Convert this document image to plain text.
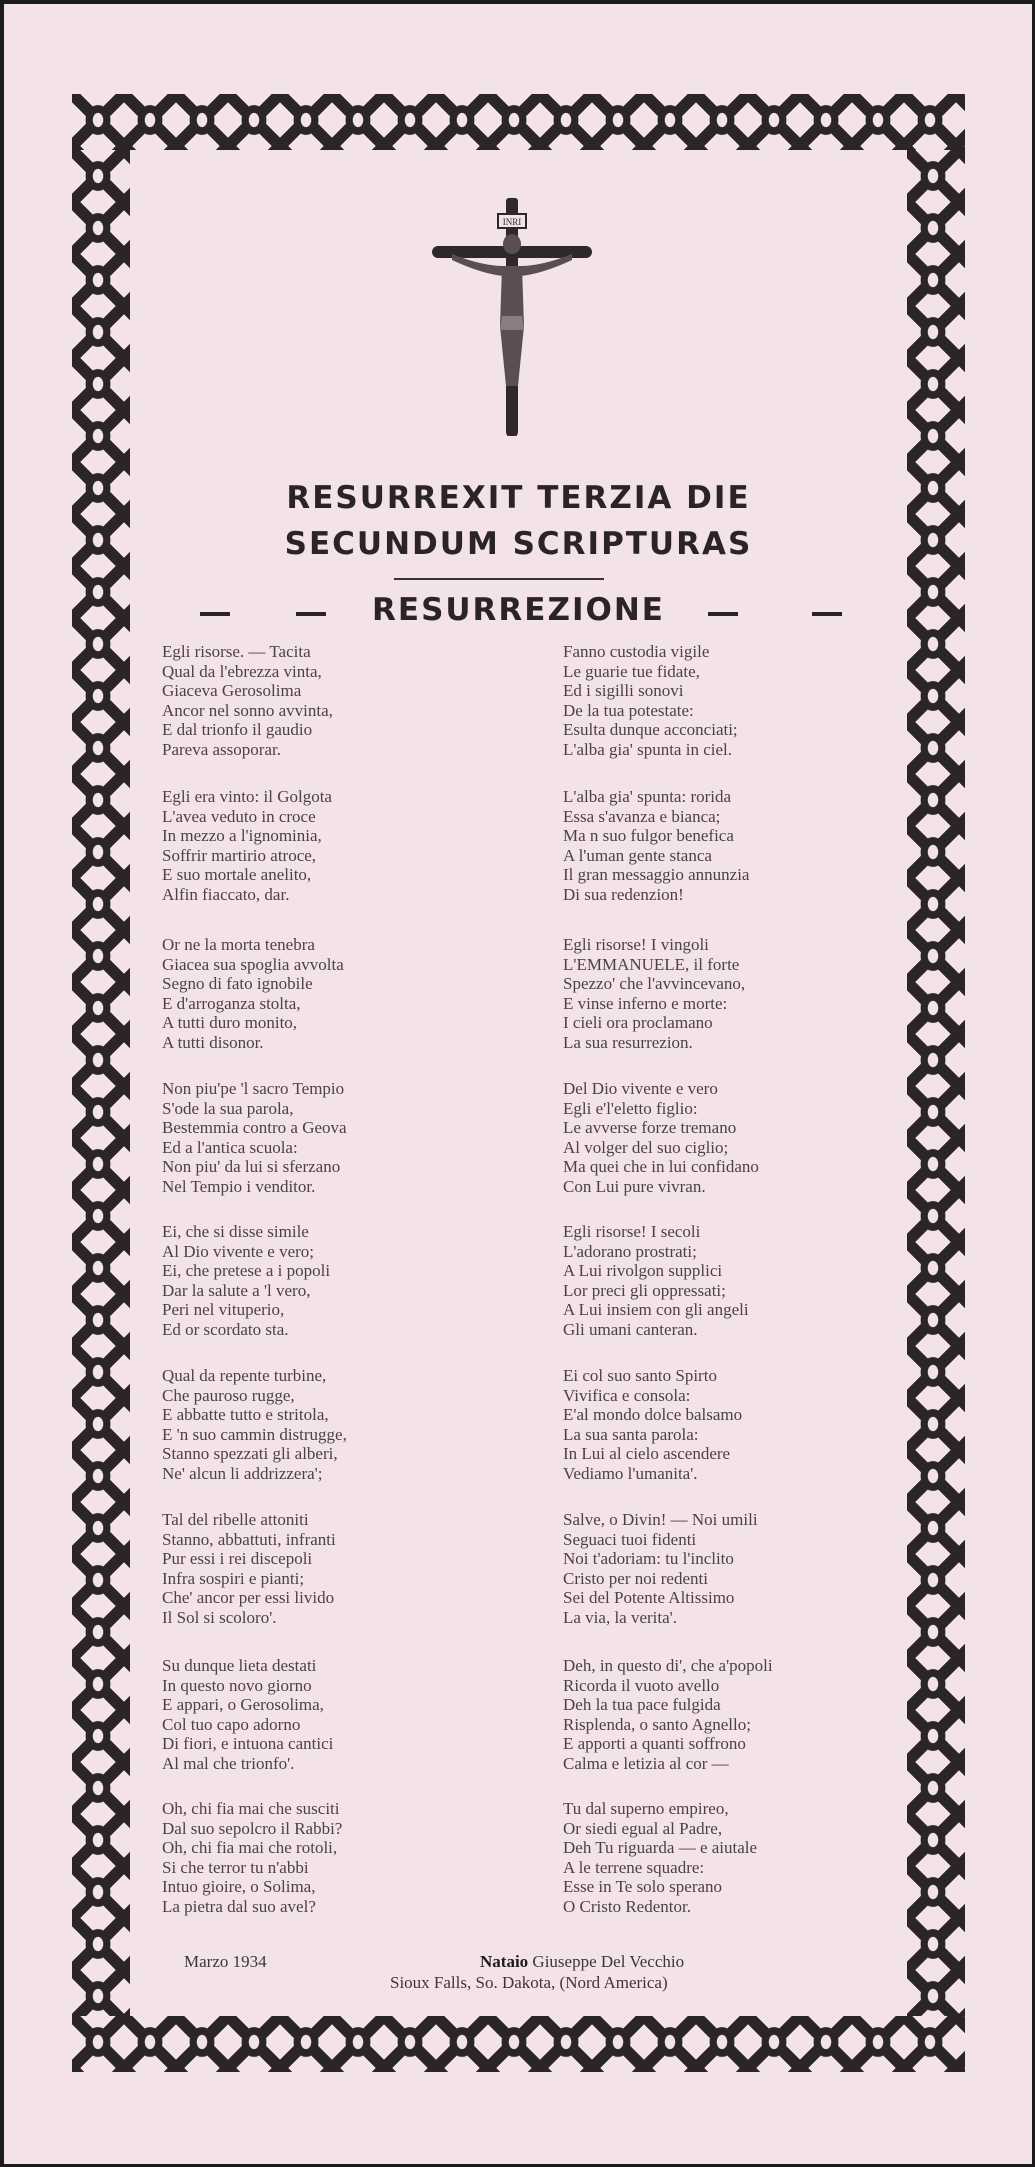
INRI
RESURREXIT TERZIA DIE
SECUNDUM SCRIPTURAS
RESURREZIONE
Marzo 1934	Nataio Giuseppe Del Vecchio
Sioux Falls, So. Dakota, (Nord America)
Egli risorse. — Tacita
Qual da l'ebrezza vinta,
Giaceva Gerosolima
Ancor nel sonno avvinta,
E dal trionfo il gaudio
Pareva assoporar.
Egli era vinto: il Golgota
L'avea veduto in croce
In mezzo a l'ignominia,
Soffrir martirio atroce,
E suo mortale anelito,
Alfin fiaccato, dar.
Or ne la morta tenebra
Giacea sua spoglia avvolta
Segno di fato ignobile
E d'arroganza stolta,
A tutti duro monito,
A tutti disonor.
Non piu'pe 'l sacro Tempio
S'ode la sua parola,
Bestemmia contro a Geova
Ed a l'antica scuola:
Non piu' da lui si sferzano
Nel Tempio i venditor.
Ei, che si disse simile
Al Dio vivente e vero;
Ei, che pretese a i popoli
Dar la salute a 'l vero,
Peri nel vituperio,
Ed or scordato sta.
Qual da repente turbine,
Che pauroso rugge,
E abbatte tutto e stritola,
E 'n suo cammin distrugge,
Stanno spezzati gli alberi,
Ne' alcun li addrizzera';
Tal del ribelle attoniti
Stanno, abbattuti, infranti
Pur essi i rei discepoli
Infra sospiri e pianti;
Che' ancor per essi livido
Il Sol si scoloro'.
Su dunque lieta destati
In questo novo giorno
E appari, o Gerosolima,
Col tuo capo adorno
Di fiori, e intuona cantici
Al mal che trionfo'.
Oh, chi fia mai che susciti
Dal suo sepolcro il Rabbi?
Oh, chi fia mai che rotoli,
Si che terror tu n'abbi
Intuo gioire, o Solima,
La pietra dal suo avel?
Fanno custodia vigile
Le guarie tue fidate,
Ed i sigilli sonovi
De la tua potestate:
Esulta dunque acconciati;
L'alba gia' spunta in ciel.
L'alba gia' spunta: rorida
Essa s'avanza e bianca;
Ma n suo fulgor benefica
A l'uman gente stanca
Il gran messaggio annunzia
Di sua redenzion!
Egli risorse! I vingoli
L'EMMANUELE, il forte
Spezzo' che l'avvincevano,
E vinse inferno e morte:
I cieli ora proclamano
La sua resurrezion.
Del Dio vivente e vero
Egli e'l'eletto figlio:
Le avverse forze tremano
Al volger del suo ciglio;
Ma quei che in lui confidano
Con Lui pure vivran.
Egli risorse! I secoli
L'adorano prostrati;
A Lui rivolgon supplici
Lor preci gli oppressati;
A Lui insiem con gli angeli
Gli umani canteran.
Ei col suo santo Spirto
Vivifica e consola:
E'al mondo dolce balsamo
La sua santa parola:
In Lui al cielo ascendere
Vediamo l'umanita'.
Salve, o Divin! — Noi umili
Seguaci tuoi fidenti
Noi t'adoriam: tu l'inclito
Cristo per noi redenti
Sei del Potente Altissimo
La via, la verita'.
Deh, in questo di', che a'popoli
Ricorda il vuoto avello
Deh la tua pace fulgida
Risplenda, o santo Agnello;
E apporti a quanti soffrono
Calma e letizia al cor —
Tu dal superno empireo,
Or siedi egual al Padre,
Deh Tu riguarda — e aiutale
A le terrene squadre:
Esse in Te solo sperano
O Cristo Redentor.
